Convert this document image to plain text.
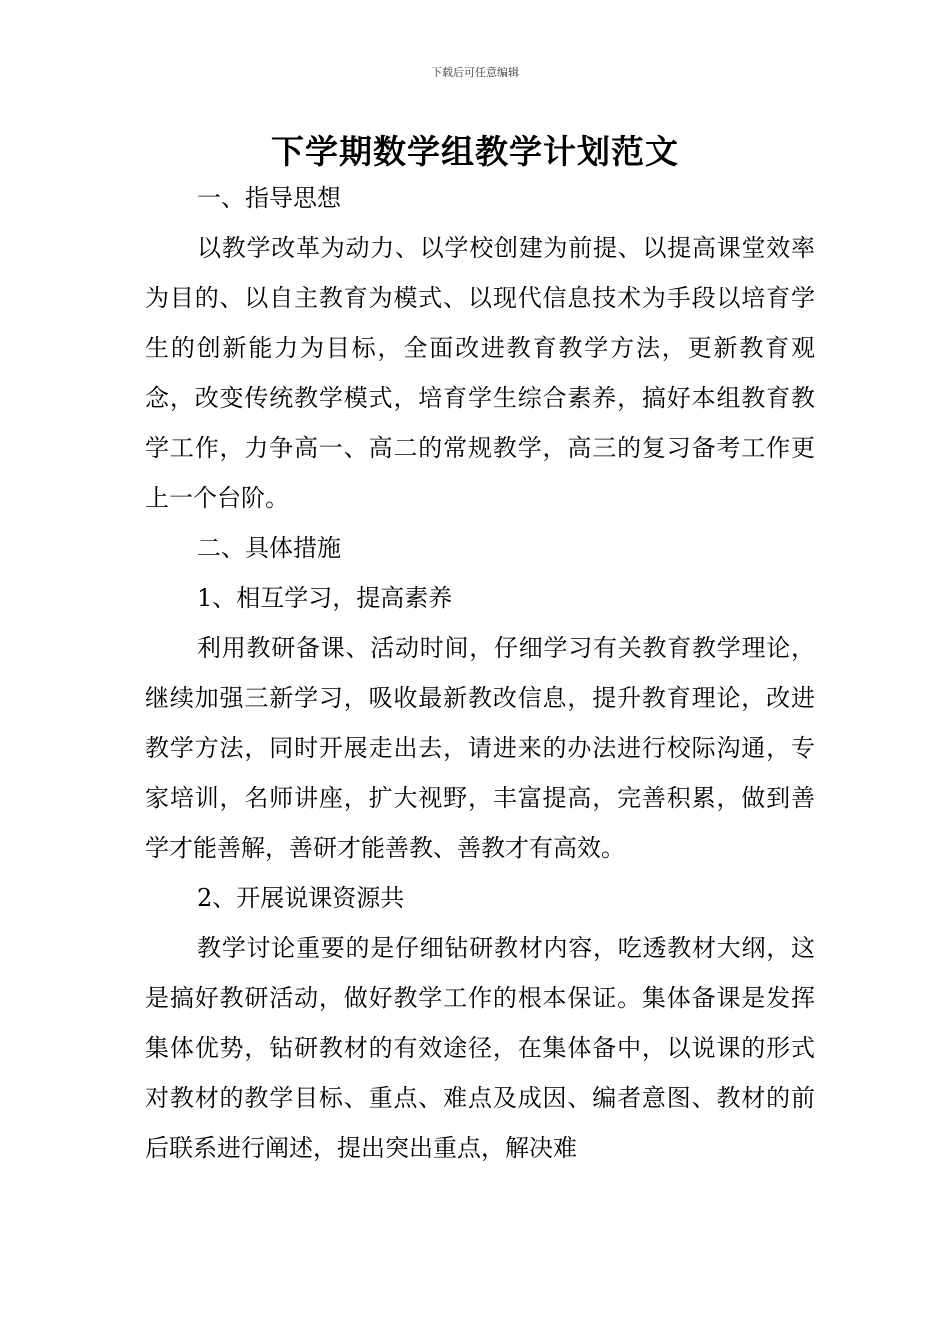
下载后可任意编辑
下学期数学组教学计划范文

一、指导思想

以教学改革为动力、以学校创建为前提、以提高课堂效率为目的、以自主教育为模式、以现代信息技术为手段以培育学生的创新能力为目标，全面改进教育教学方法，更新教育观念，改变传统教学模式，培育学生综合素养，搞好本组教育教学工作，力争高一、高二的常规教学，高三的复习备考工作更上一个台阶。

二、具体措施

1、相互学习，提高素养

利用教研备课、活动时间，仔细学习有关教育教学理论，继续加强三新学习，吸收最新教改信息，提升教育理论，改进教学方法，同时开展走出去，请进来的办法进行校际沟通，专家培训，名师讲座，扩大视野，丰富提高，完善积累，做到善学才能善解，善研才能善教、善教才有高效。

2、开展说课资源共

教学讨论重要的是仔细钻研教材内容，吃透教材大纲，这是搞好教研活动，做好教学工作的根本保证。集体备课是发挥集体优势，钻研教材的有效途径，在集体备中，以说课的形式对教材的教学目标、重点、难点及成因、编者意图、教材的前后联系进行阐述，提出突出重点，解决难
